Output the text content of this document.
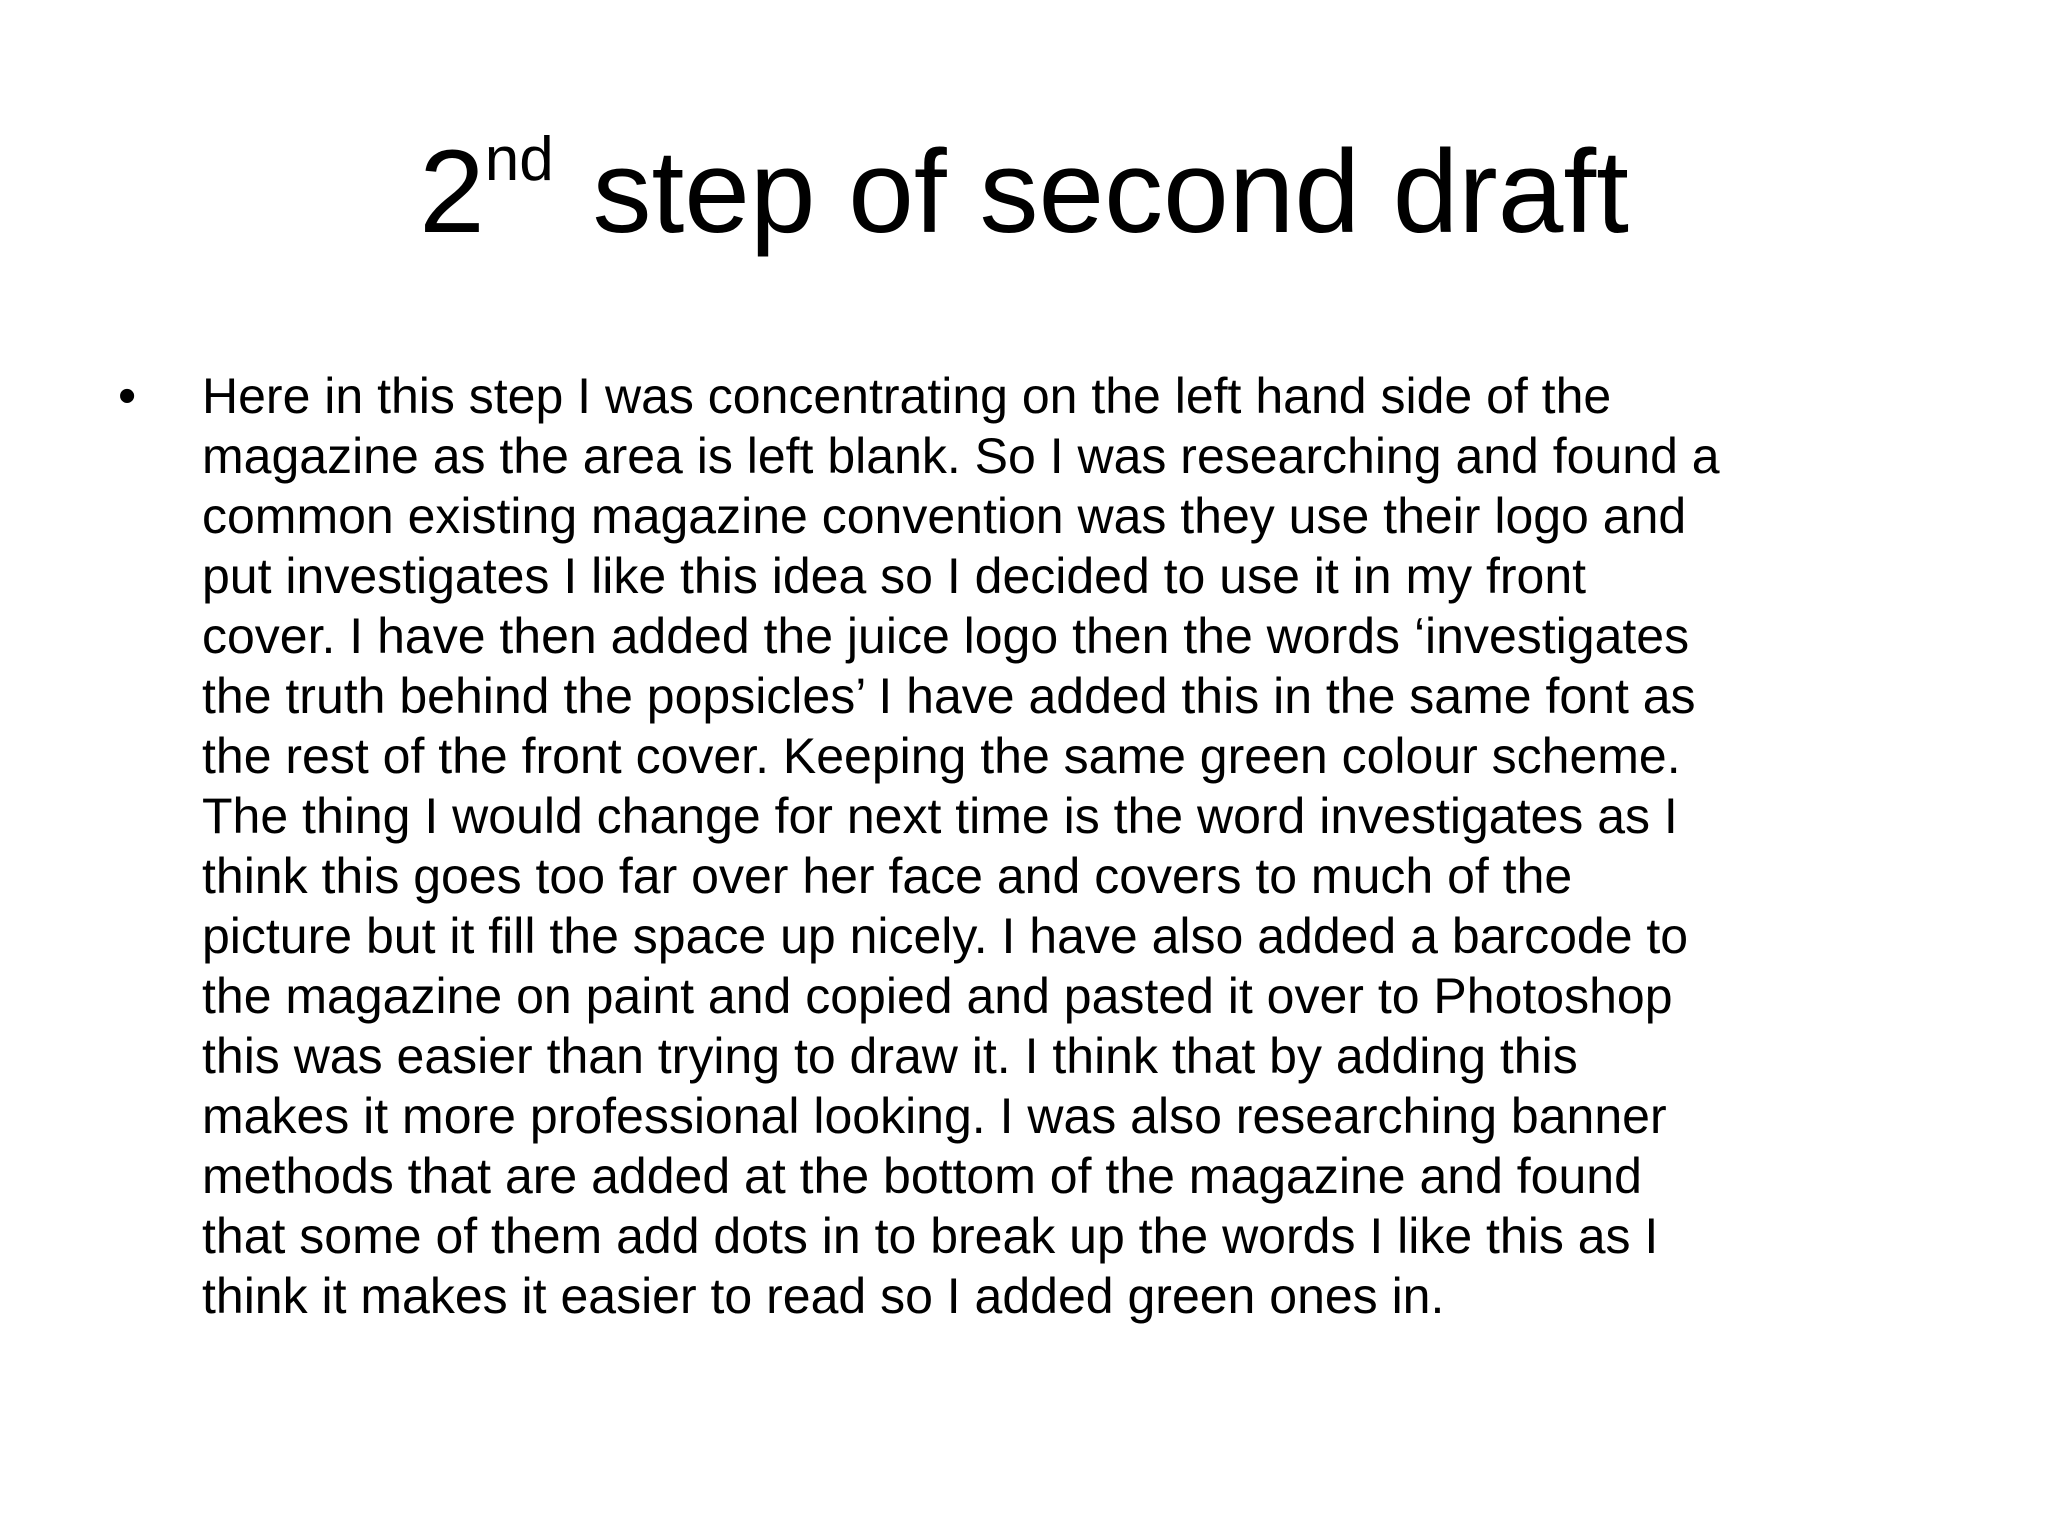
2nd step of second draft
• Here in this step I was concentrating on the left hand side of the
magazine as the area is left blank. So I was researching and found a
common existing magazine convention was they use their logo and
put investigates I like this idea so I decided to use it in my front
cover. I have then added the juice logo then the words ‘investigates
the truth behind the popsicles’ I have added this in the same font as
the rest of the front cover. Keeping the same green colour scheme.
The thing I would change for next time is the word investigates as I
think this goes too far over her face and covers to much of the
picture but it fill the space up nicely. I have also added a barcode to
the magazine on paint and copied and pasted it over to Photoshop
this was easier than trying to draw it. I think that by adding this
makes it more professional looking. I was also researching banner
methods that are added at the bottom of the magazine and found
that some of them add dots in to break up the words I like this as I
think it makes it easier to read so I added green ones in.
